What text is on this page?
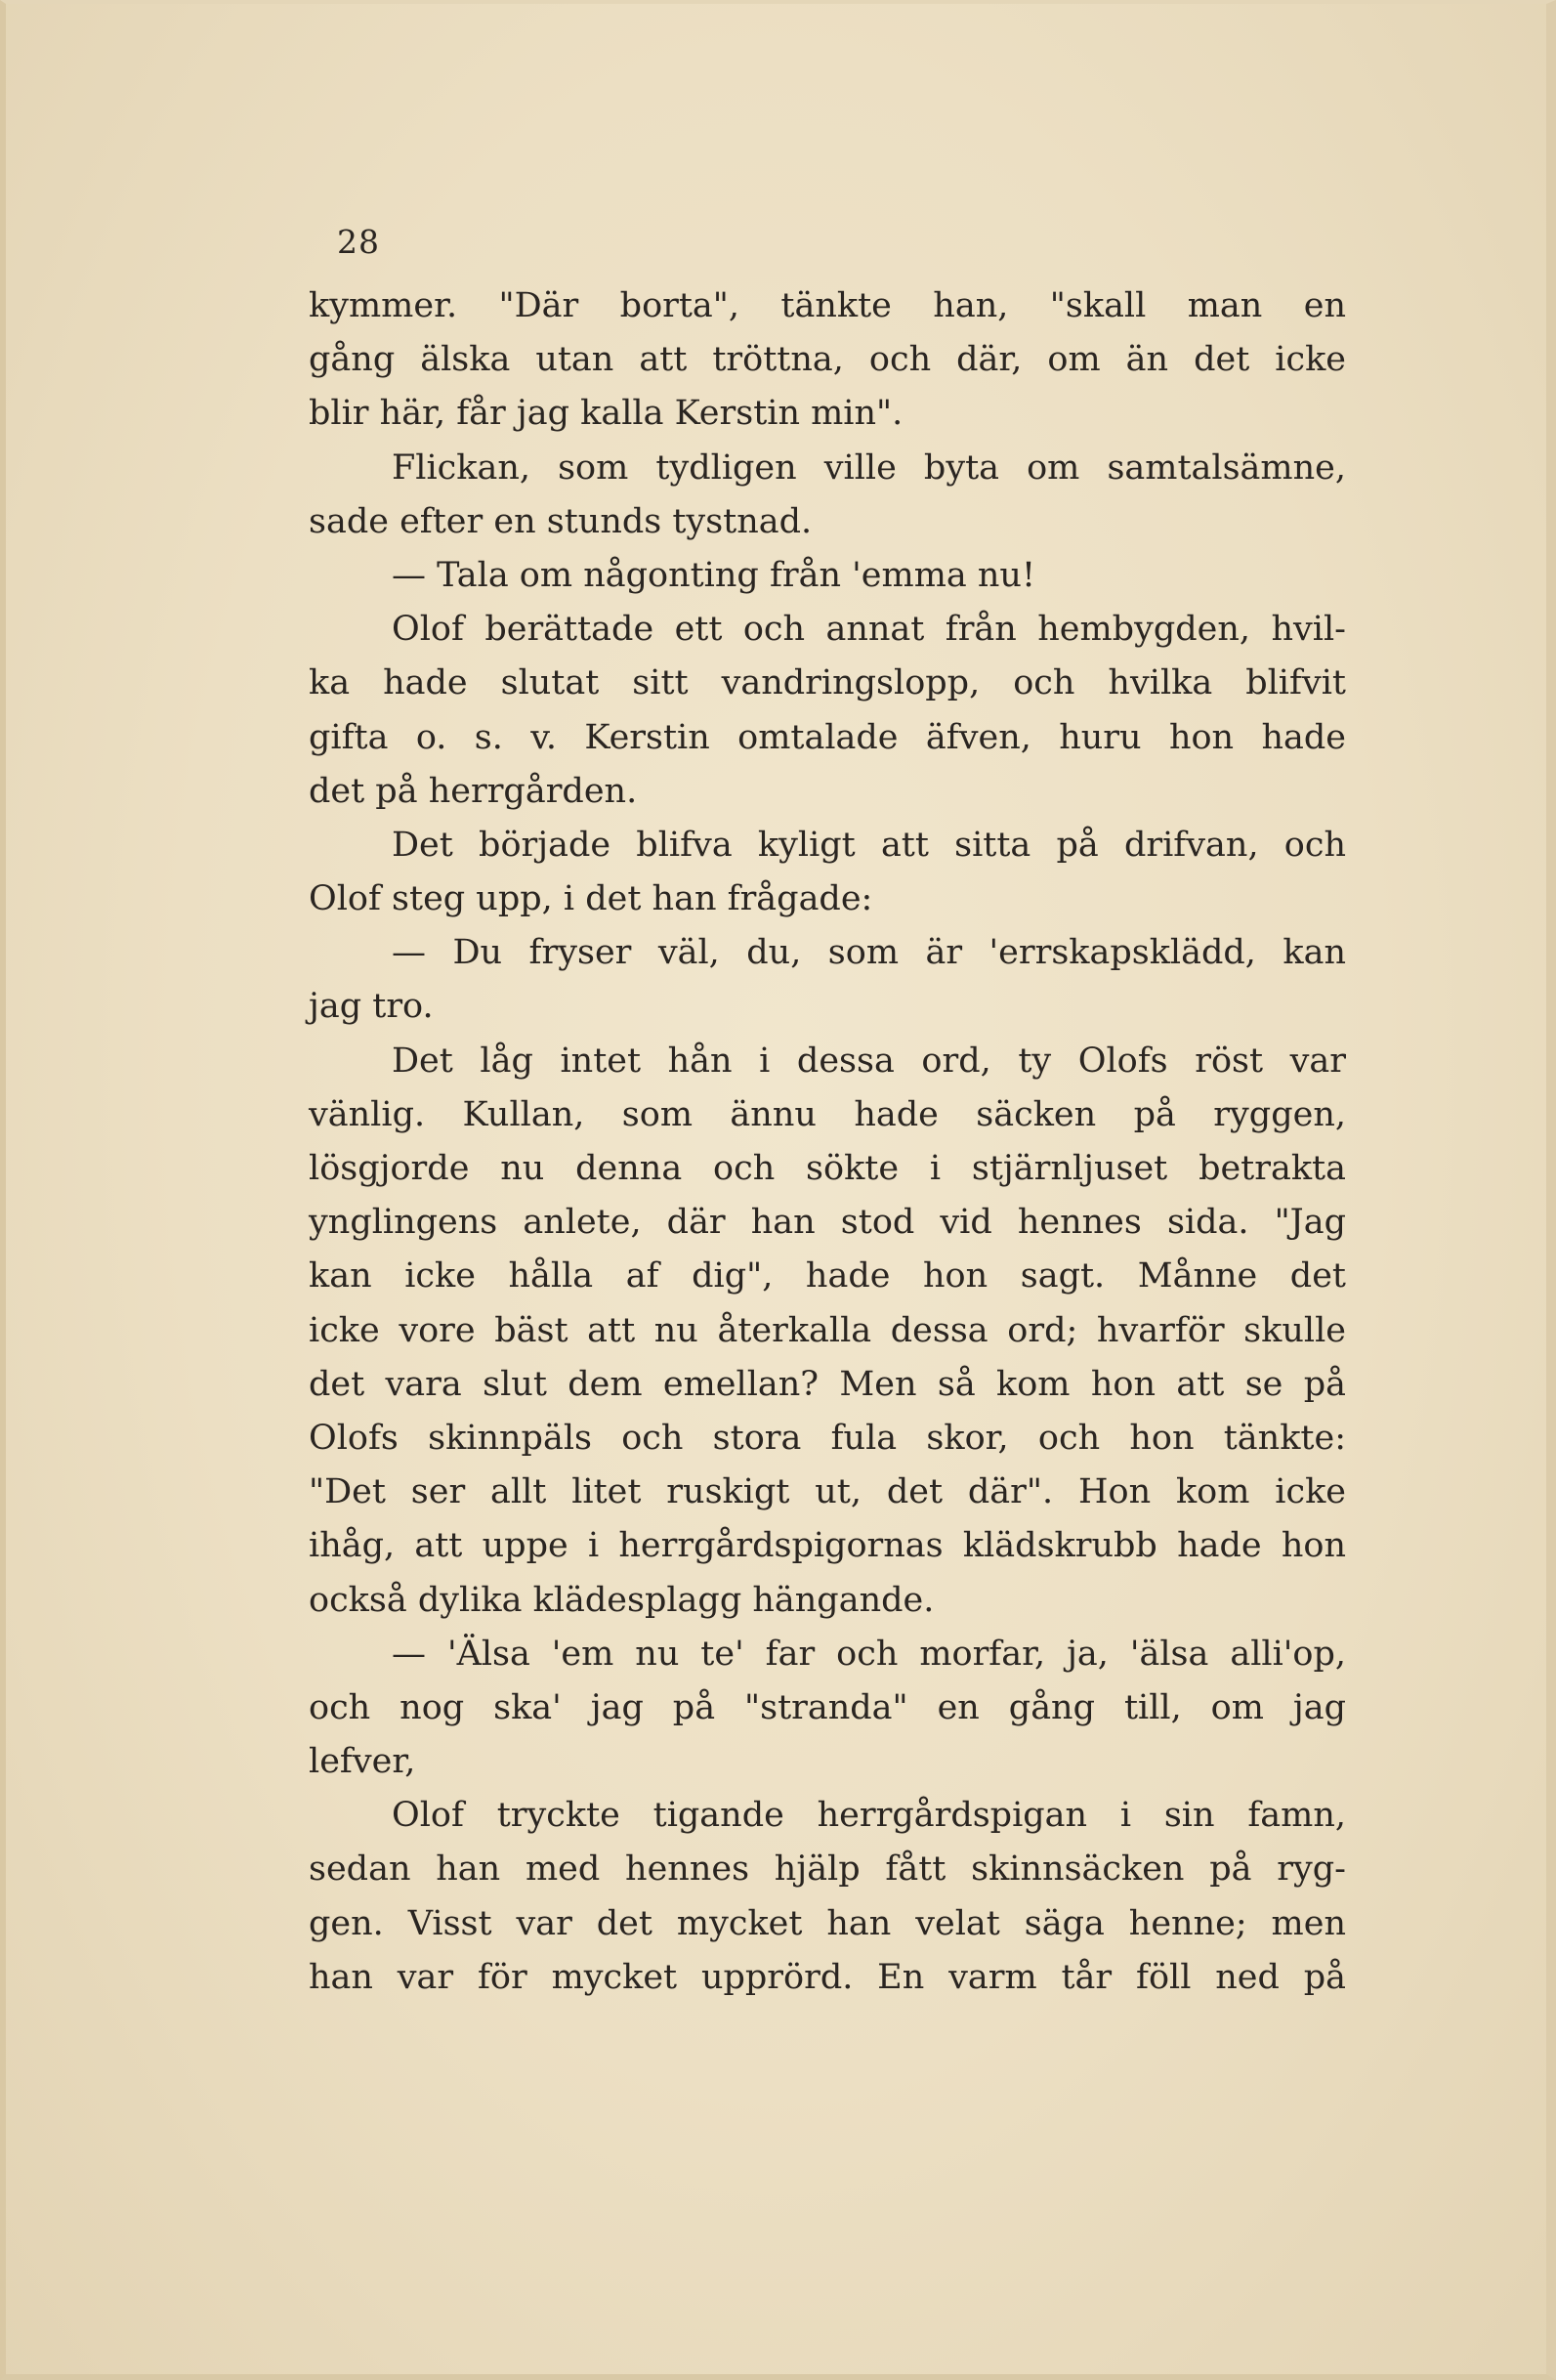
28
kymmer. "Där borta", tänkte han, "skall man en
gång älska utan att tröttna, och där, om än det icke
blir här, får jag kalla Kerstin min".
Flickan, som tydligen ville byta om samtalsämne,
sade efter en stunds tystnad.
— Tala om någonting från 'emma nu!
Olof berättade ett och annat från hembygden, hvil-
ka hade slutat sitt vandringslopp, och hvilka blifvit
gifta o. s. v. Kerstin omtalade äfven, huru hon hade
det på herrgården.
Det började blifva kyligt att sitta på drifvan, och
Olof steg upp, i det han frågade:
— Du fryser väl, du, som är 'errskapsklädd, kan
jag tro.
Det låg intet hån i dessa ord, ty Olofs röst var
vänlig. Kullan, som ännu hade säcken på ryggen,
lösgjorde nu denna och sökte i stjärnljuset betrakta
ynglingens anlete, där han stod vid hennes sida. "Jag
kan icke hålla af dig", hade hon sagt. Månne det
icke vore bäst att nu återkalla dessa ord; hvarför skulle
det vara slut dem emellan? Men så kom hon att se på
Olofs skinnpäls och stora fula skor, och hon tänkte:
"Det ser allt litet ruskigt ut, det där". Hon kom icke
ihåg, att uppe i herrgårdspigornas klädskrubb hade hon
också dylika klädesplagg hängande.
— 'Älsa 'em nu te' far och morfar, ja, 'älsa alli'op,
och nog ska' jag på "stranda" en gång till, om jag
lefver,
Olof tryckte tigande herrgårdspigan i sin famn,
sedan han med hennes hjälp fått skinnsäcken på ryg-
gen. Visst var det mycket han velat säga henne; men
han var för mycket upprörd. En varm tår föll ned på
